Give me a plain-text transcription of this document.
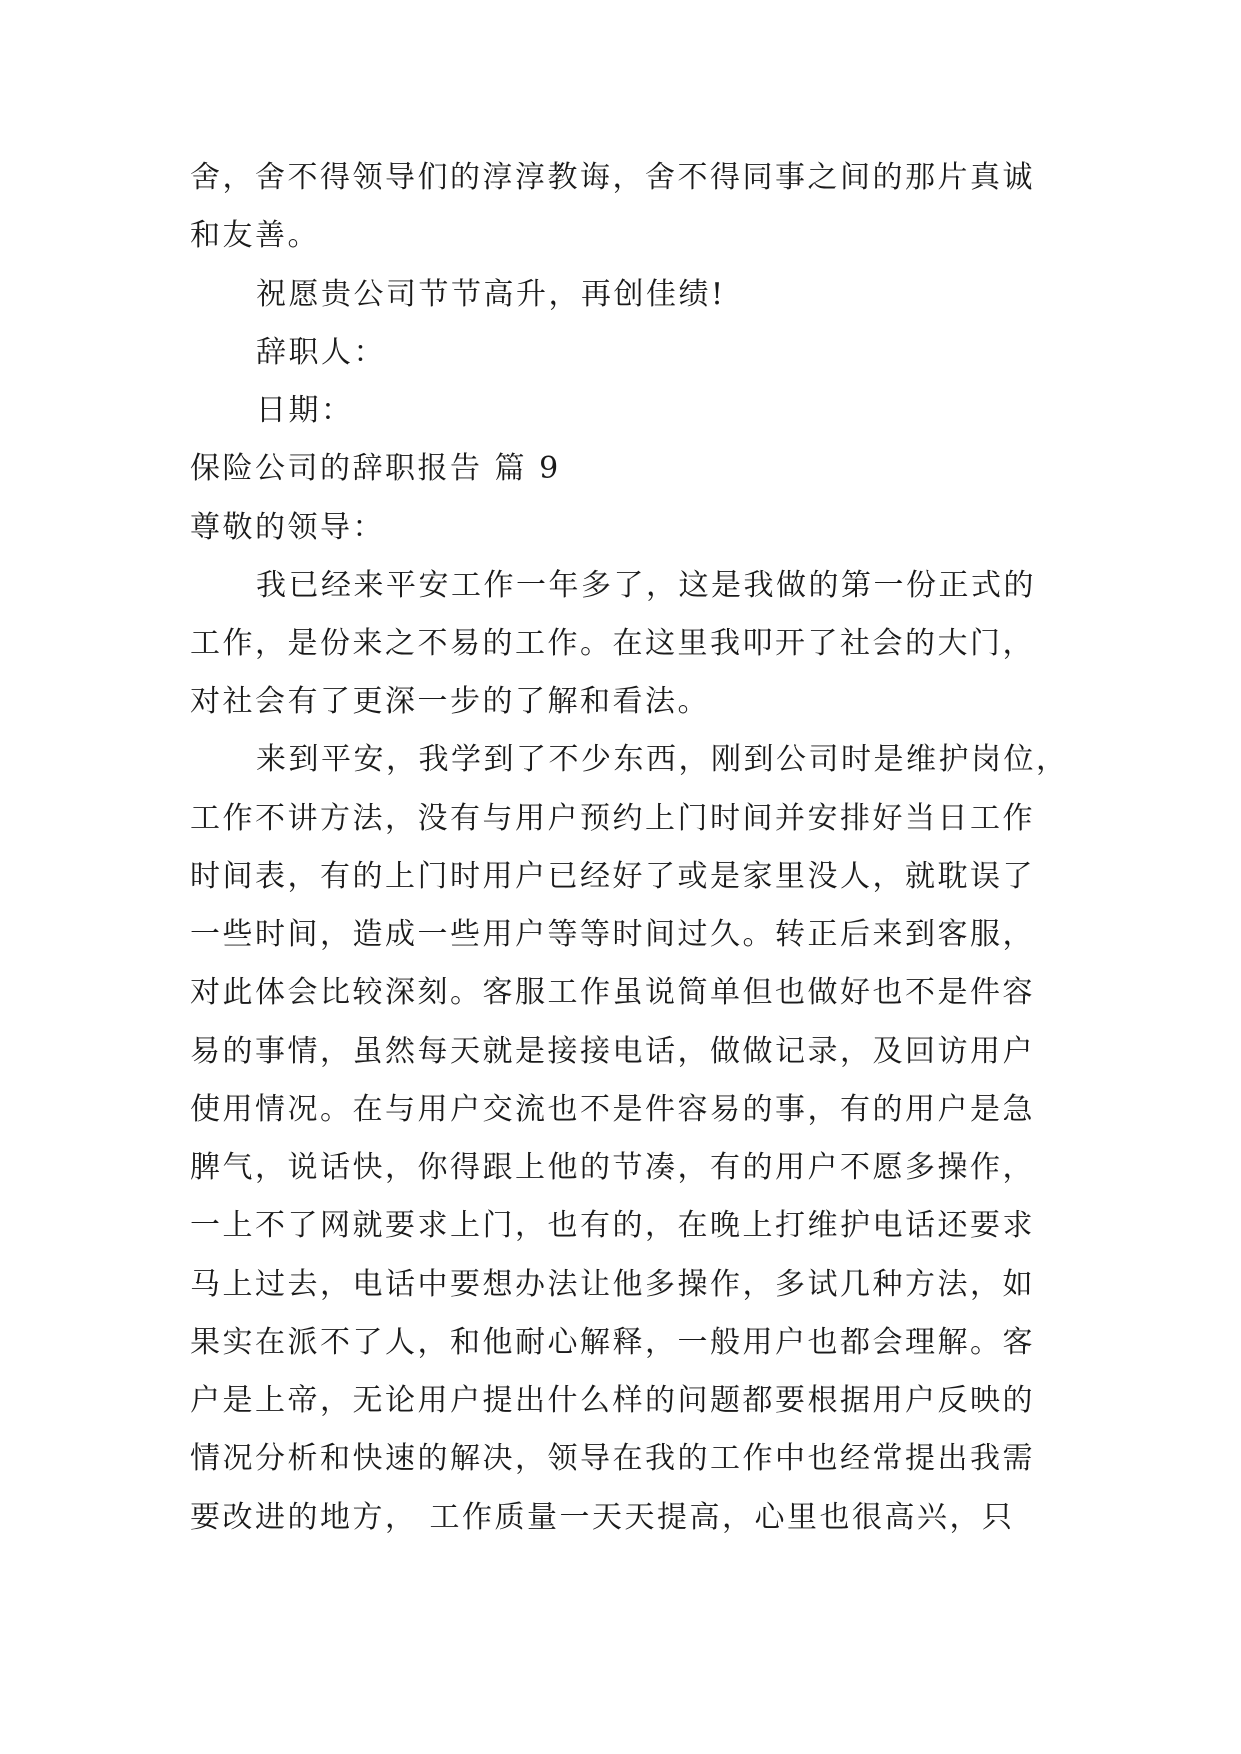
舍，舍不得领导们的淳淳教诲，舍不得同事之间的那片真诚
和友善。
祝愿贵公司节节高升，再创佳绩!
辞职人：
日期：
保险公司的辞职报告 篇 9
尊敬的领导：
我已经来平安工作一年多了，这是我做的第一份正式的
工作，是份来之不易的工作。在这里我叩开了社会的大门，
对社会有了更深一步的了解和看法。
来到平安，我学到了不少东西，刚到公司时是维护岗位，
工作不讲方法，没有与用户预约上门时间并安排好当日工作
时间表，有的上门时用户已经好了或是家里没人，就耽误了
一些时间，造成一些用户等等时间过久。转正后来到客服，
对此体会比较深刻。客服工作虽说简单但也做好也不是件容
易的事情，虽然每天就是接接电话，做做记录，及回访用户
使用情况。在与用户交流也不是件容易的事，有的用户是急
脾气，说话快，你得跟上他的节凑，有的用户不愿多操作，
一上不了网就要求上门，也有的，在晚上打维护电话还要求
马上过去，电话中要想办法让他多操作，多试几种方法，如
果实在派不了人，和他耐心解释，一般用户也都会理解。客
户是上帝，无论用户提出什么样的问题都要根据用户反映的
情况分析和快速的解决，领导在我的工作中也经常提出我需
要改进的地方， 工作质量一天天提高，心里也很高兴，只
